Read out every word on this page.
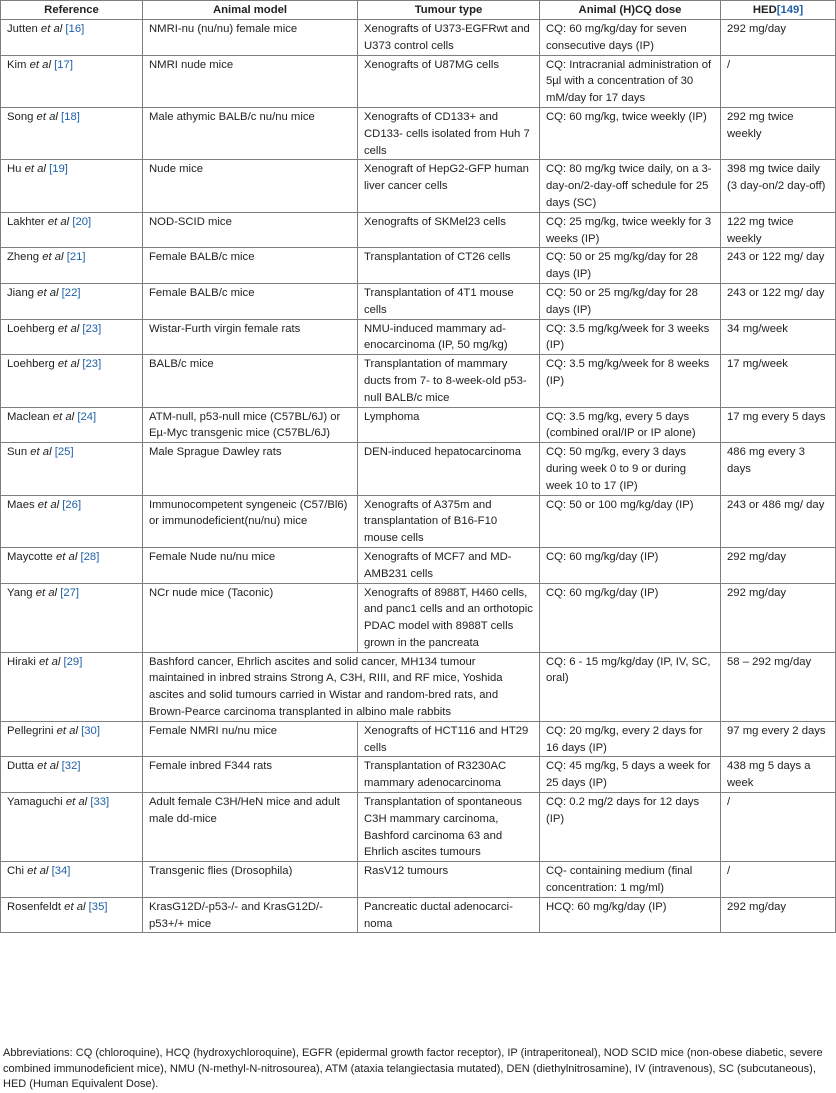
Reference	Animal model	Tumour type	Animal (H)CQ dose	HED[149]
Jutten et al [16]	NMRI-nu (nu/nu) female mice	Xenografts of U373-EGFRwt and U373 control cells	CQ: 60 mg/kg/day for seven consecutive days (IP)	292 mg/day
Kim et al [17]	NMRI nude mice	Xenografts of U87MG cells	CQ: Intracranial administration of 5µl with a concentration of 30 mM/day for 17 days	/
Song et al [18]	Male athymic BALB/c nu/nu mice	Xenografts of CD133+ and CD133- cells isolated from Huh 7 cells	CQ: 60 mg/kg, twice weekly (IP)	292 mg twice weekly
Hu et al [19]	Nude mice	Xenograft of HepG2-GFP human liver cancer cells	CQ: 80 mg/kg twice daily, on a 3-day-on/2-day-off schedule for 25 days (SC)	398 mg twice daily (3 day-on/2 day-off)
Lakhter et al [20]	NOD-SCID mice	Xenografts of SKMel23 cells	CQ: 25 mg/kg, twice weekly for 3 weeks (IP)	122 mg twice weekly
Zheng et al [21]	Female BALB/c mice	Transplantation of CT26 cells	CQ: 50 or 25 mg/kg/day for 28 days (IP)	243 or 122 mg/ day
Jiang et al [22]	Female BALB/c mice	Transplantation of 4T1 mouse cells	CQ: 50 or 25 mg/kg/day for 28 days (IP)	243 or 122 mg/ day
Loehberg et al [23]	Wistar-Furth virgin female rats	NMU-induced mammary adenocarcinoma (IP, 50 mg/kg)	CQ: 3.5 mg/kg/week for 3 weeks (IP)	34 mg/week
Loehberg et al [23]	BALB/c mice	Transplantation of mammary ducts from 7- to 8-week-old p53-null BALB/c mice	CQ: 3.5 mg/kg/week for 8 weeks (IP)	17 mg/week
Maclean et al [24]	ATM-null, p53-null mice (C57BL/6J) or Eµ-Myc transgenic mice (C57BL/6J)	Lymphoma	CQ: 3.5 mg/kg, every 5 days (combined oral/IP or IP alone)	17 mg every 5 days
Sun et al [25]	Male Sprague Dawley rats	DEN-induced hepatocarcinoma	CQ: 50 mg/kg, every 3 days during week 0 to 9 or during week 10 to 17 (IP)	486 mg every 3 days
Maes et al [26]	Immunocompetent syngeneic (C57/Bl6) or immunodeficient(nu/nu) mice	Xenografts of A375m and transplantation of B16-F10 mouse cells	CQ: 50 or 100 mg/kg/day (IP)	243 or 486 mg/ day
Maycotte et al [28]	Female Nude nu/nu mice	Xenografts of MCF7 and MD-AMB231 cells	CQ: 60 mg/kg/day (IP)	292 mg/day
Yang et al [27]	NCr nude mice (Taconic)	Xenografts of 8988T, H460 cells, and panc1 cells and an orthotopic PDAC model with 8988T cells grown in the pancreata	CQ: 60 mg/kg/day (IP)	292 mg/day
Hiraki et al [29]	Bashford cancer, Ehrlich ascites and solid cancer, MH134 tumour maintained in inbred strains Strong A, C3H, RIII, and RF mice, Yoshida ascites and solid tumours carried in Wistar and random-bred rats, and Brown-Pearce carcinoma transplanted in albino male rabbits		CQ: 6 - 15 mg/kg/day (IP, IV, SC, oral)	58 – 292 mg/day
Pellegrini et al [30]	Female NMRI nu/nu mice	Xenografts of HCT116 and HT29 cells	CQ: 20 mg/kg, every 2 days for 16 days (IP)	97 mg every 2 days
Dutta et al [32]	Female inbred F344 rats	Transplantation of R3230AC mammary adenocarcinoma	CQ: 45 mg/kg, 5 days a week for 25 days (IP)	438 mg 5 days a week
Yamaguchi et al [33]	Adult female C3H/HeN mice and adult male dd-mice	Transplantation of spontaneous C3H mammary carcinoma, Bashford carcinoma 63 and Ehrlich ascites tumours	CQ: 0.2 mg/2 days for 12 days (IP)	/
Chi et al [34]	Transgenic flies (Drosophila)	RasV12 tumours	CQ- containing medium (final concentration: 1 mg/ml)	/
Rosenfeldt et al [35]	KrasG12D/-p53-/- and KrasG12D/-p53+/+ mice	Pancreatic ductal adenocarcinoma	HCQ: 60 mg/kg/day (IP)	292 mg/day
Abbreviations: CQ (chloroquine), HCQ (hydroxychloroquine), EGFR (epidermal growth factor receptor), IP (intraperitoneal), NOD SCID mice (non-obese diabetic, severe combined immunodeficient mice), NMU (N-methyl-N-nitrosourea), ATM (ataxia telangiectasia mutated), DEN (diethylnitrosamine), IV (intravenous), SC (subcutaneous), HED (Human Equivalent Dose).
